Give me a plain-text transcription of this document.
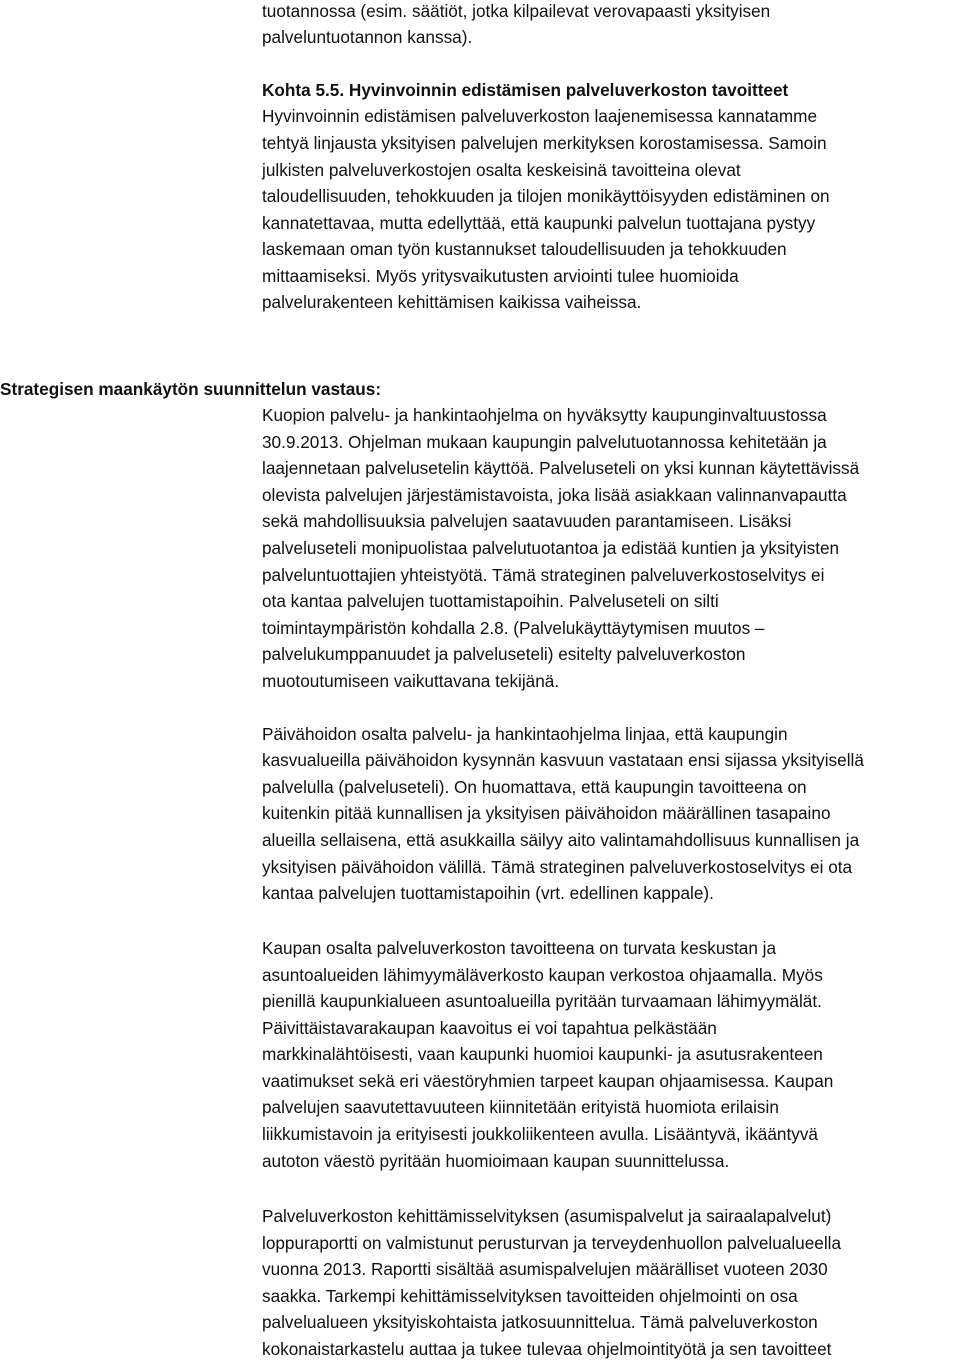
tuotannossa (esim. säätiöt, jotka kilpailevat verovapaasti yksityisen
palveluntuotannon kanssa).
Kohta 5.5. Hyvinvoinnin edistämisen palveluverkoston tavoitteet
Hyvinvoinnin edistämisen palveluverkoston laajenemisessa kannatamme
tehtyä linjausta yksityisen palvelujen merkityksen korostamisessa. Samoin
julkisten palveluverkostojen osalta keskeisinä tavoitteina olevat
taloudellisuuden, tehokkuuden ja tilojen monikäyttöisyyden edistäminen on
kannatettavaa, mutta edellyttää, että kaupunki palvelun tuottajana pystyy
laskemaan oman työn kustannukset taloudellisuuden ja tehokkuuden
mittaamiseksi. Myös yritysvaikutusten arviointi tulee huomioida
palvelurakenteen kehittämisen kaikissa vaiheissa.
Strategisen maankäytön suunnittelun vastaus:
Kuopion palvelu- ja hankintaohjelma on hyväksytty kaupunginvaltuustossa
30.9.2013. Ohjelman mukaan kaupungin palvelutuotannossa kehitetään ja
laajennetaan palvelusetelin käyttöä. Palveluseteli on yksi kunnan käytettävissä
olevista palvelujen järjestämistavoista, joka lisää asiakkaan valinnanvapautta
sekä mahdollisuuksia palvelujen saatavuuden parantamiseen. Lisäksi
palveluseteli monipuolistaa palvelutuotantoa ja edistää kuntien ja yksityisten
palveluntuottajien yhteistyötä. Tämä strateginen palveluverkostoselvitys ei
ota kantaa palvelujen tuottamistapoihin. Palveluseteli on silti
toimintaympäristön kohdalla 2.8. (Palvelukäyttäytymisen muutos –
palvelukumppanuudet ja palveluseteli) esitelty palveluverkoston
muotoutumiseen vaikuttavana tekijänä.
Päivähoidon osalta palvelu- ja hankintaohjelma linjaa, että kaupungin
kasvualueilla päivähoidon kysynnän kasvuun vastataan ensi sijassa yksityisellä
palvelulla (palveluseteli). On huomattava, että kaupungin tavoitteena on
kuitenkin pitää kunnallisen ja yksityisen päivähoidon määrällinen tasapaino
alueilla sellaisena, että asukkailla säilyy aito valintamahdollisuus kunnallisen ja
yksityisen päivähoidon välillä. Tämä strateginen palveluverkostoselvitys ei ota
kantaa palvelujen tuottamistapoihin (vrt. edellinen kappale).
Kaupan osalta palveluverkoston tavoitteena on turvata keskustan ja
asuntoalueiden lähimyymäläverkosto kaupan verkostoa ohjaamalla. Myös
pienillä kaupunkialueen asuntoalueilla pyritään turvaamaan lähimyymälät.
Päivittäistavarakaupan kaavoitus ei voi tapahtua pelkästään
markkinalähtöisesti, vaan kaupunki huomioi kaupunki- ja asutusrakenteen
vaatimukset sekä eri väestöryhmien tarpeet kaupan ohjaamisessa. Kaupan
palvelujen saavutettavuuteen kiinnitetään erityistä huomiota erilaisin
liikkumistavoin ja erityisesti joukkoliikenteen avulla. Lisääntyvä, ikääntyvä
autoton väestö pyritään huomioimaan kaupan suunnittelussa.
Palveluverkoston kehittämisselvityksen (asumispalvelut ja sairaalapalvelut)
loppuraportti on valmistunut perusturvan ja terveydenhuollon palvelualueella
vuonna 2013. Raportti sisältää asumispalvelujen määrälliset vuoteen 2030
saakka. Tarkempi kehittämisselvityksen tavoitteiden ohjelmointi on osa
palvelualueen yksityiskohtaista jatkosuunnittelua. Tämä palveluverkoston
kokonaistarkastelu auttaa ja tukee tulevaa ohjelmointityötä ja sen tavoitteet
